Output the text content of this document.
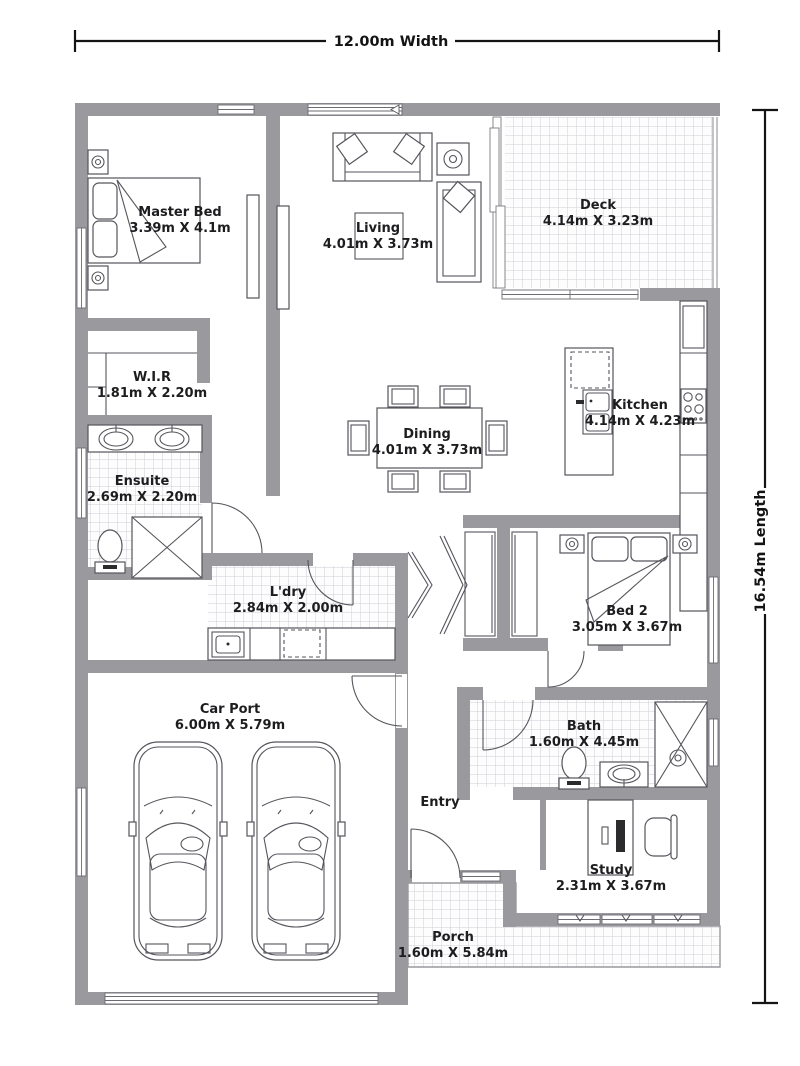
Master Bed
3.39m X 4.1m	Living
4.01m X 3.73m
Deck
4.14m X 3.23m
W.I.R
1.81m X 2.20m
Ensuite
2.69m X 2.20m
Dining
4.01m X 3.73m
Kitchen
4.14m X 4.23m
L'dry
2.84m X 2.00m	Bed 2
3.05m X 3.67m
Car Port
6.00m X 5.79m	Bath
1.60m X 4.45m
Entry
Study
2.31m X 3.67m
Porch
1.60m X 5.84m
12.00m Width
16.54m Length
